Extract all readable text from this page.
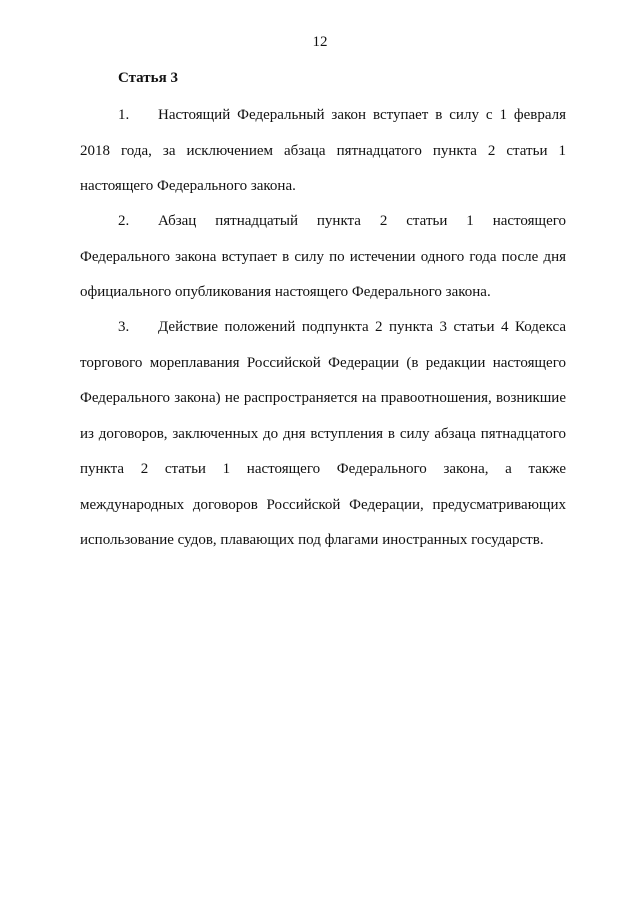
12
Статья 3

1. Настоящий Федеральный закон вступает в силу с 1 февраля 2018 года, за исключением абзаца пятнадцатого пункта 2 статьи 1 настоящего Федерального закона.

2. Абзац пятнадцатый пункта 2 статьи 1 настоящего Федерального закона вступает в силу по истечении одного года после дня официального опубликования настоящего Федерального закона.

3. Действие положений подпункта 2 пункта 3 статьи 4 Кодекса торгового мореплавания Российской Федерации (в редакции настоящего Федерального закона) не распространяется на правоотношения, возникшие из договоров, заключенных до дня вступления в силу абзаца пятнадцатого пункта 2 статьи 1 настоящего Федерального закона, а также международных договоров Российской Федерации, предусматривающих использование судов, плавающих под флагами иностранных государств.
